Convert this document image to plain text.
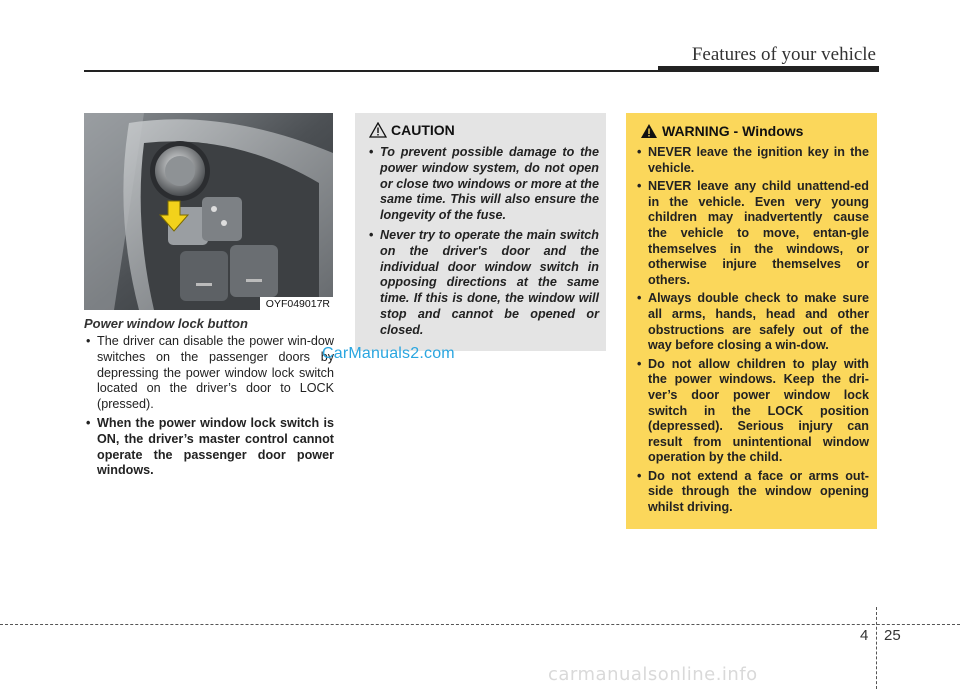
Features of your vehicle
OYF049017R
Power window lock button
• The driver can disable the power win-dow switches on the passenger doors by depressing the power window lock switch located on the driver’s door to LOCK (pressed).
• When the power window lock switch is ON, the driver’s master control cannot operate the passenger door power windows.
CAUTION
• To prevent possible damage to the power window system, do not open or close two windows or more at the same time. This will also ensure the longevity of the fuse.
• Never try to operate the main switch on the driver's door and the individual door window switch in opposing directions at the same time. If this is done, the window will stop and cannot be opened or closed.
WARNING - Windows
• NEVER leave the ignition key in the vehicle.
• NEVER leave any child unattend-ed in the vehicle. Even very young children may inadvertently cause the vehicle to move, entan-gle themselves in the windows, or otherwise injure themselves or others.
• Always double check to make sure all arms, hands, head and other obstructions are safely out of the way before closing a win-dow.
• Do not allow children to play with the power windows. Keep the dri-ver’s door power window lock switch in the LOCK position (depressed). Serious injury can result from unintentional window operation by the child.
• Do not extend a face or arms out-side through the window opening whilst driving.
CarManuals2.com
4 25
carmanualsonline.info
